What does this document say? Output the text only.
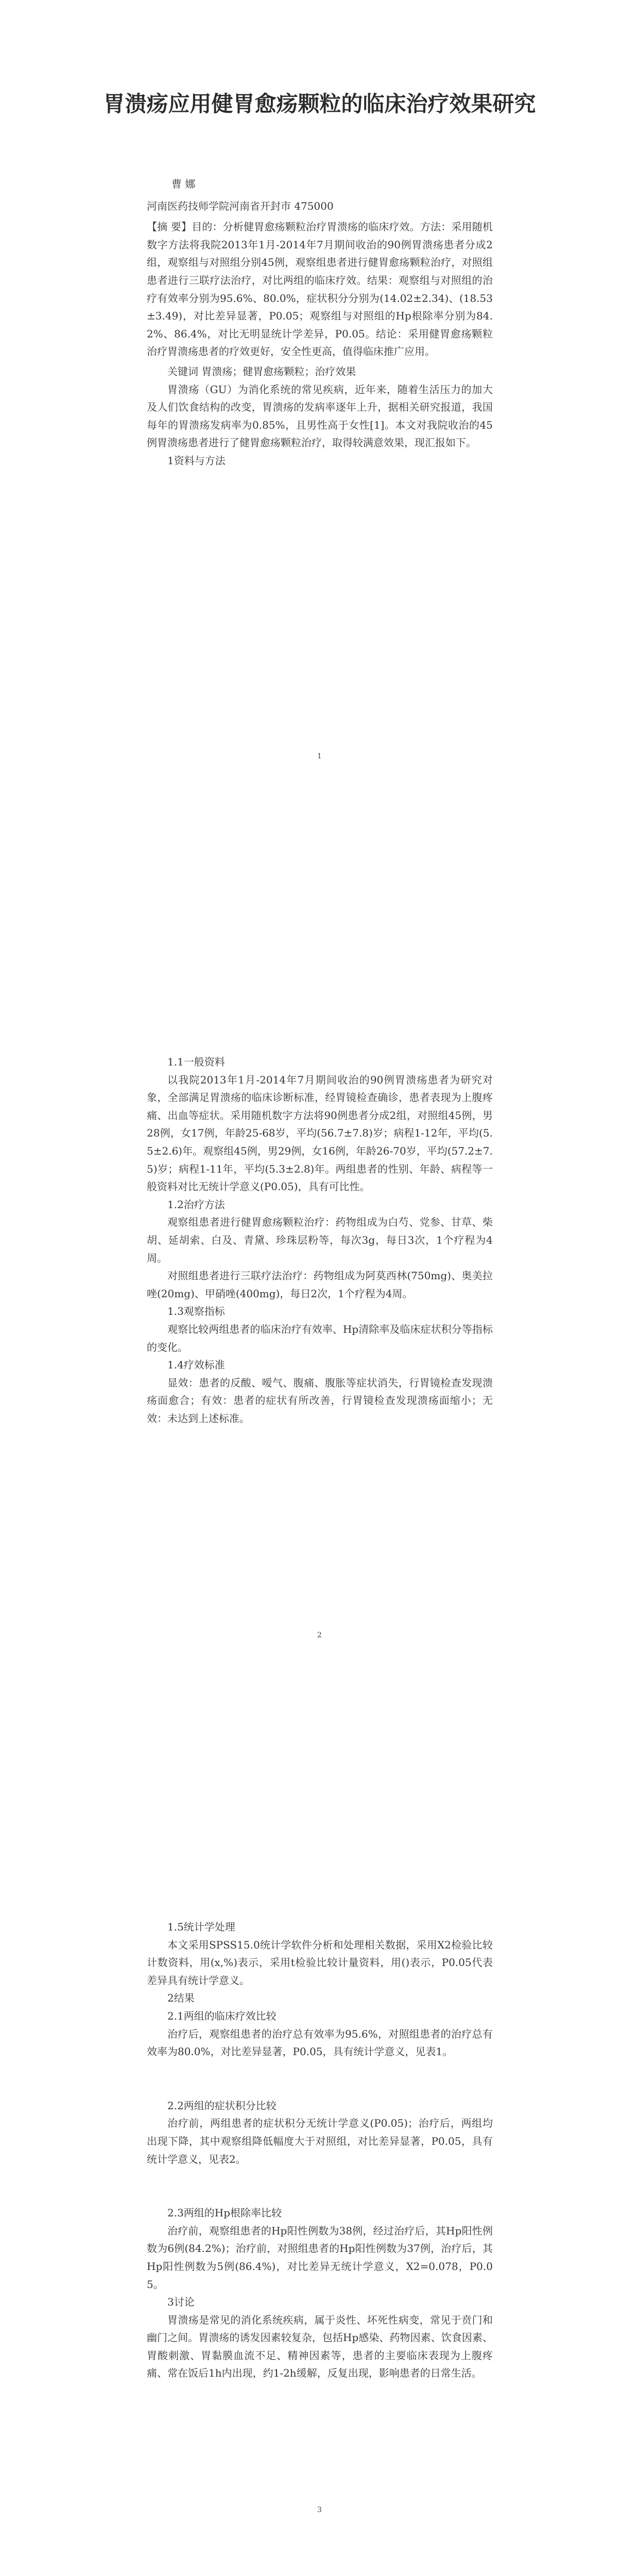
胃溃疡应用健胃愈疡颗粒的临床治疗效果研究

曹 娜

河南医药技师学院河南省开封市 475000

【摘 要】目的：分析健胃愈疡颗粒治疗胃溃疡的临床疗效。方法：采用随机数字方法将我院2013年1月-2014年7月期间收治的90例胃溃疡患者分成2组，观察组与对照组分别45例，观察组患者进行健胃愈疡颗粒治疗，对照组患者进行三联疗法治疗，对比两组的临床疗效。结果：观察组与对照组的治疗有效率分别为95.6%、80.0%，症状积分分别为(14.02±2.34)、(18.53±3.49)，对比差异显著，P0.05；观察组与对照组的Hp根除率分别为84.2%、86.4%，对比无明显统计学差异，P0.05。结论：采用健胃愈疡颗粒治疗胃溃疡患者的疗效更好，安全性更高，值得临床推广应用。

关键词 胃溃疡；健胃愈疡颗粒；治疗效果

胃溃疡（GU）为消化系统的常见疾病，近年来，随着生活压力的加大及人们饮食结构的改变，胃溃疡的发病率逐年上升，据相关研究报道，我国每年的胃溃疡发病率为0.85%，且男性高于女性[1]。本文对我院收治的45例胃溃疡患者进行了健胃愈疡颗粒治疗，取得较满意效果，现汇报如下。

1资料与方法

1

1.1一般资料

以我院2013年1月-2014年7月期间收治的90例胃溃疡患者为研究对象，全部满足胃溃疡的临床诊断标准，经胃镜检查确诊，患者表现为上腹疼痛、出血等症状。采用随机数字方法将90例患者分成2组，对照组45例，男28例，女17例，年龄25-68岁，平均(56.7±7.8)岁；病程1-12年，平均(5.5±2.6)年。观察组45例，男29例，女16例，年龄26-70岁，平均(57.2±7.5)岁；病程1-11年，平均(5.3±2.8)年。两组患者的性别、年龄、病程等一般资料对比无统计学意义(P0.05)，具有可比性。

1.2治疗方法

观察组患者进行健胃愈疡颗粒治疗：药物组成为白芍、党参、甘草、柴胡、延胡索、白及、青黛、珍珠层粉等，每次3g，每日3次，1个疗程为4周。

对照组患者进行三联疗法治疗：药物组成为阿莫西林(750mg)、奥美拉唑(20mg)、甲硝唑(400mg)，每日2次，1个疗程为4周。

1.3观察指标

观察比较两组患者的临床治疗有效率、Hp清除率及临床症状积分等指标的变化。

1.4疗效标准

显效：患者的反酸、嗳气、腹痛、腹胀等症状消失，行胃镜检查发现溃疡面愈合；有效：患者的症状有所改善，行胃镜检查发现溃疡面缩小；无效：未达到上述标准。

2

1.5统计学处理

本文采用SPSS15.0统计学软件分析和处理相关数据，采用X2检验比较计数资料，用(x,%)表示，采用t检验比较计量资料，用()表示，P0.05代表差异具有统计学意义。

2结果

2.1两组的临床疗效比较

治疗后，观察组患者的治疗总有效率为95.6%，对照组患者的治疗总有效率为80.0%，对比差异显著，P0.05，具有统计学意义，见表1。

2.2两组的症状积分比较

治疗前，两组患者的症状积分无统计学意义(P0.05)；治疗后，两组均出现下降，其中观察组降低幅度大于对照组，对比差异显著，P0.05，具有统计学意义，见表2。

2.3两组的Hp根除率比较

治疗前，观察组患者的Hp阳性例数为38例，经过治疗后，其Hp阳性例数为6例(84.2%)；治疗前，对照组患者的Hp阳性例数为37例，治疗后，其Hp阳性例数为5例(86.4%)，对比差异无统计学意义，X2=0.078，P0.05。

3讨论

胃溃疡是常见的消化系统疾病，属于炎性、坏死性病变，常见于贲门和幽门之间。胃溃疡的诱发因素较复杂，包括Hp感染、药物因素、饮食因素、胃酸刺激、胃黏膜血流不足、精神因素等，患者的主要临床表现为上腹疼痛、常在饭后1h内出现，约1-2h缓解，反复出现，影响患者的日常生活。

3
